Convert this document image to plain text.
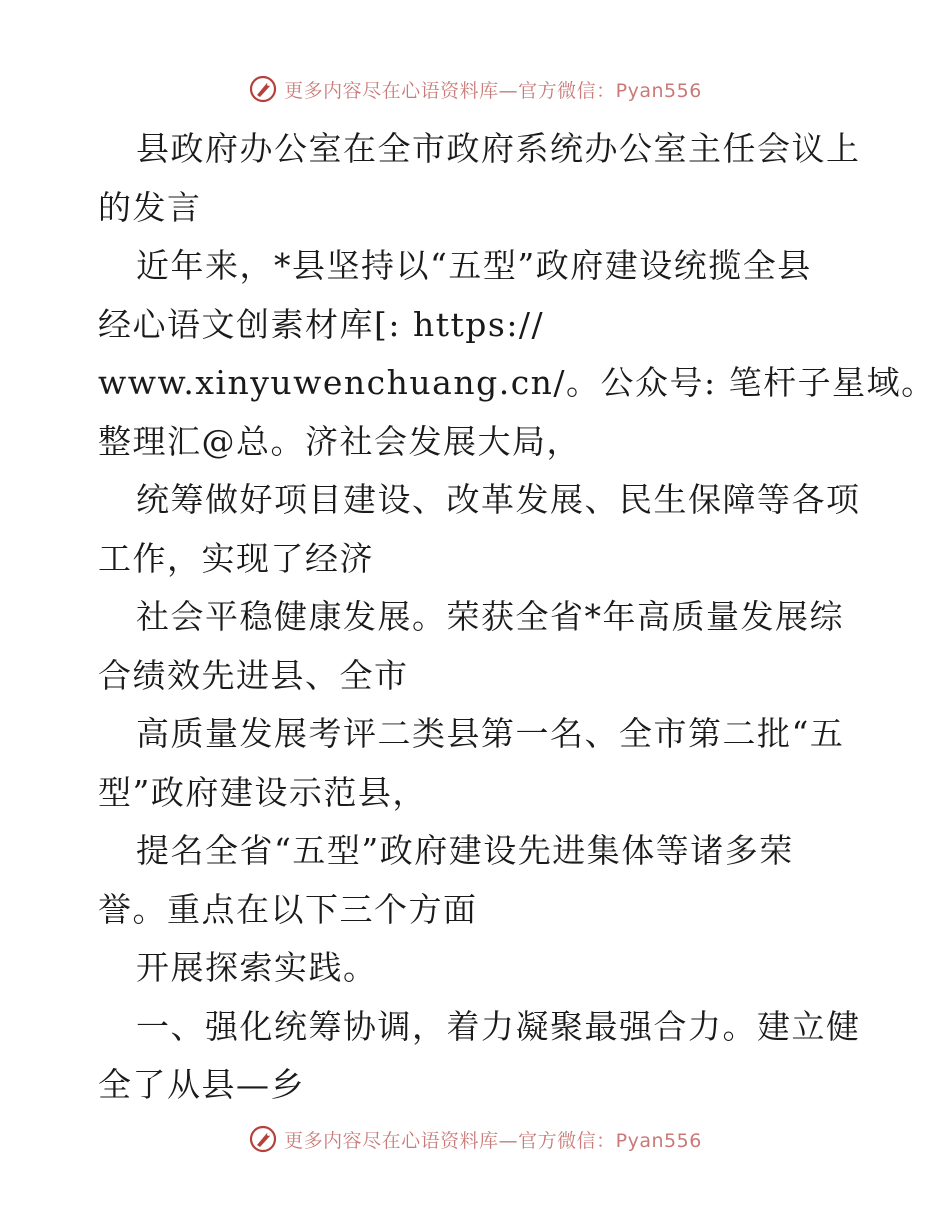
更多内容尽在心语资料库—官方微信：Pyan556
县政府办公室在全市政府系统办公室主任会议上
的发言
近年来，*县坚持以“五型”政府建设统揽全县
经心语文创素材库[: https://
www.xinyuwenchuang.cn/。公众号: 笔杆子星域。
整理汇@总。济社会发展大局，
统筹做好项目建设、改革发展、民生保障等各项
工作，实现了经济
社会平稳健康发展。荣获全省*年高质量发展综
合绩效先进县、全市
高质量发展考评二类县第一名、全市第二批“五
型”政府建设示范县，
提名全省“五型”政府建设先进集体等诸多荣
誉。重点在以下三个方面
开展探索实践。
一、强化统筹协调，着力凝聚最强合力。建立健
全了从县—乡
更多内容尽在心语资料库—官方微信：Pyan556
